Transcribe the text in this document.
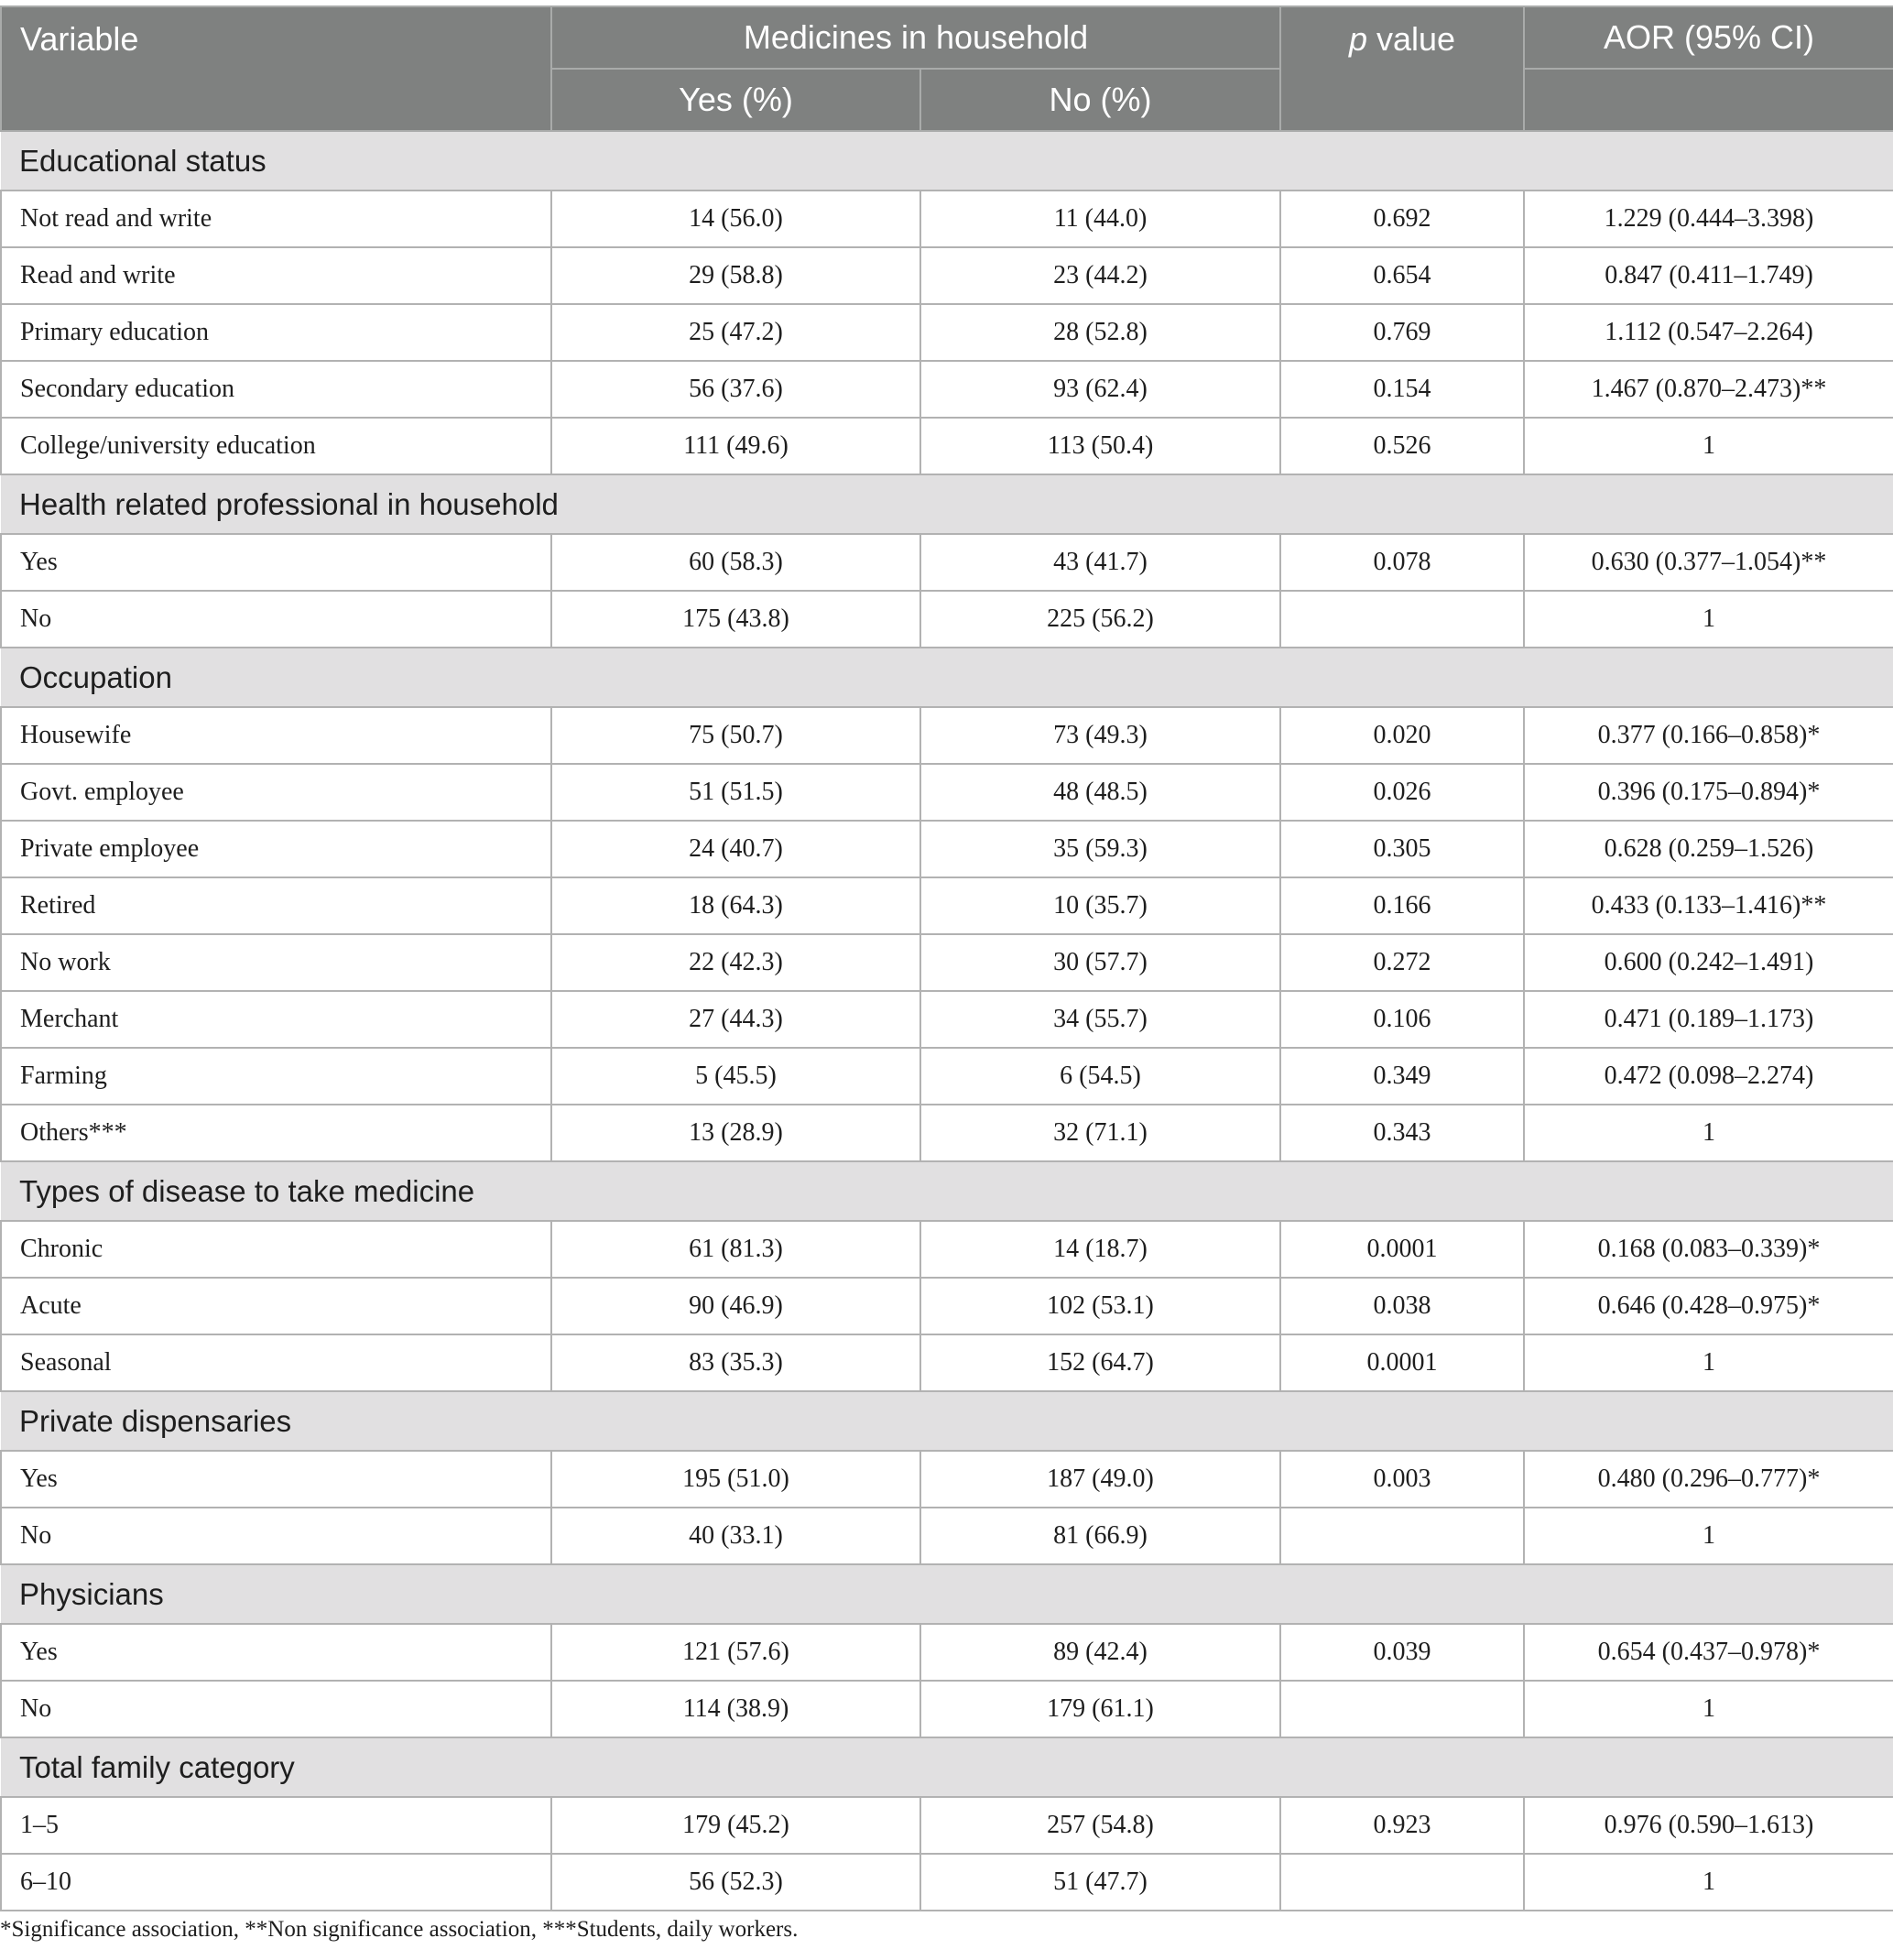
Variable	Medicines in household		p value	AOR (95% CI)
	Yes (%)	No (%)		
Educational status				
Not read and write	14 (56.0)	11 (44.0)	0.692	1.229 (0.444–3.398)
Read and write	29 (58.8)	23 (44.2)	0.654	0.847 (0.411–1.749)
Primary education	25 (47.2)	28 (52.8)	0.769	1.112 (0.547–2.264)
Secondary education	56 (37.6)	93 (62.4)	0.154	1.467 (0.870–2.473)**
College/university education	111 (49.6)	113 (50.4)	0.526	1
Health related professional in household				
Yes	60 (58.3)	43 (41.7)	0.078	0.630 (0.377–1.054)**
No	175 (43.8)	225 (56.2)		1
Occupation				
Housewife	75 (50.7)	73 (49.3)	0.020	0.377 (0.166–0.858)*
Govt. employee	51 (51.5)	48 (48.5)	0.026	0.396 (0.175–0.894)*
Private employee	24 (40.7)	35 (59.3)	0.305	0.628 (0.259–1.526)
Retired	18 (64.3)	10 (35.7)	0.166	0.433 (0.133–1.416)**
No work	22 (42.3)	30 (57.7)	0.272	0.600 (0.242–1.491)
Merchant	27 (44.3)	34 (55.7)	0.106	0.471 (0.189–1.173)
Farming	5 (45.5)	6 (54.5)	0.349	0.472 (0.098–2.274)
Others***	13 (28.9)	32 (71.1)	0.343	1
Types of disease to take medicine				
Chronic	61 (81.3)	14 (18.7)	0.0001	0.168 (0.083–0.339)*
Acute	90 (46.9)	102 (53.1)	0.038	0.646 (0.428–0.975)*
Seasonal	83 (35.3)	152 (64.7)	0.0001	1
Private dispensaries				
Yes	195 (51.0)	187 (49.0)	0.003	0.480 (0.296–0.777)*
No	40 (33.1)	81 (66.9)		1
Physicians				
Yes	121 (57.6)	89 (42.4)	0.039	0.654 (0.437–0.978)*
No	114 (38.9)	179 (61.1)		1
Total family category				
1–5	179 (45.2)	257 (54.8)	0.923	0.976 (0.590–1.613)
6–10	56 (52.3)	51 (47.7)		1
*Significance association, **Non significance association, ***Students, daily workers.
